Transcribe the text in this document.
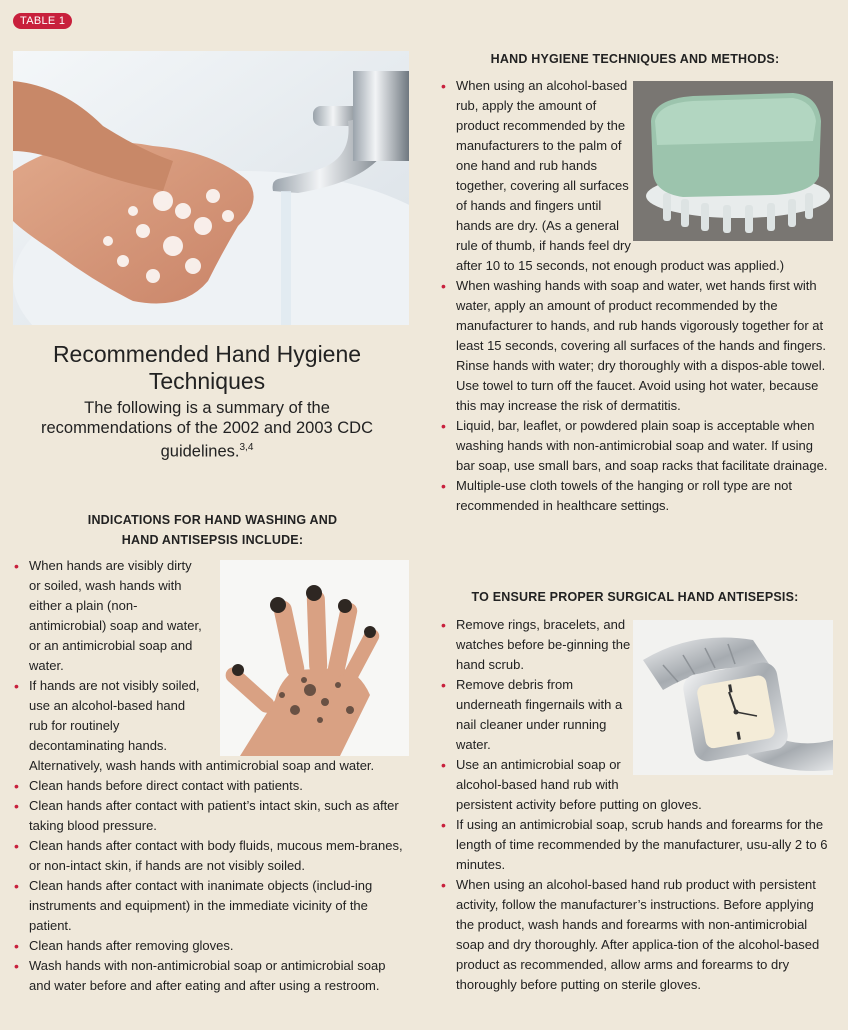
TABLE 1
Recommended Hand Hygiene Techniques
The following is a summary of the recommendations of the 2002 and 2003 CDC guidelines.$^{3,4}$
HAND HYGIENE TECHNIQUES AND METHODS:
• When using an alcohol-based rub, apply the amount of product recommended by the manufacturers to the palm of one hand and rub hands together, covering all surfaces of hands and fingers until hands are dry. (As a general rule of thumb, if hands feel dry after 10 to 15 seconds, not enough product was applied.)
• When washing hands with soap and water, wet hands first with water, apply an amount of product recommended by the manufacturer to hands, and rub hands vigorously together for at least 15 seconds, covering all surfaces of the hands and fingers. Rinse hands with water; dry thoroughly with a dispos-able towel. Use towel to turn off the faucet. Avoid using hot water, because this may increase the risk of dermatitis.
• Liquid, bar, leaflet, or powdered plain soap is acceptable when washing hands with non-antimicrobial soap and water. If using bar soap, use small bars, and soap racks that facilitate drainage.
• Multiple-use cloth towels of the hanging or roll type are not recommended in healthcare settings.
INDICATIONS FOR HAND WASHING AND
HAND ANTISEPSIS INCLUDE:
• When hands are visibly dirty or soiled, wash hands with either a plain (non-antimicrobial) soap and water, or an antimicrobial soap and water.
• If hands are not visibly soiled, use an alcohol-based hand rub for routinely decontaminating hands. Alternatively, wash hands with antimicrobial soap and water.
• Clean hands before direct contact with patients.
• Clean hands after contact with patient’s intact skin, such as after taking blood pressure.
• Clean hands after contact with body fluids, mucous mem-branes, or non-intact skin, if hands are not visibly soiled.
• Clean hands after contact with inanimate objects (includ-ing instruments and equipment) in the immediate vicinity of the patient.
• Clean hands after removing gloves.
• Wash hands with non-antimicrobial soap or antimicrobial soap and water before and after eating and after using a restroom.
TO ENSURE PROPER SURGICAL HAND ANTISEPSIS:
• Remove rings, bracelets, and watches before be-ginning the hand scrub.
• Remove debris from underneath fingernails with a nail cleaner under running water.
• Use an antimicrobial soap or alcohol-based hand rub with persistent activity before putting on gloves.
• If using an antimicrobial soap, scrub hands and forearms for the length of time recommended by the manufacturer, usu-ally 2 to 6 minutes.
• When using an alcohol-based hand rub product with persistent activity, follow the manufacturer’s instructions. Before applying the product, wash hands and forearms with non-antimicrobial soap and dry thoroughly. After applica-tion of the alcohol-based product as recommended, allow arms and forearms to dry thoroughly before putting on sterile gloves.
